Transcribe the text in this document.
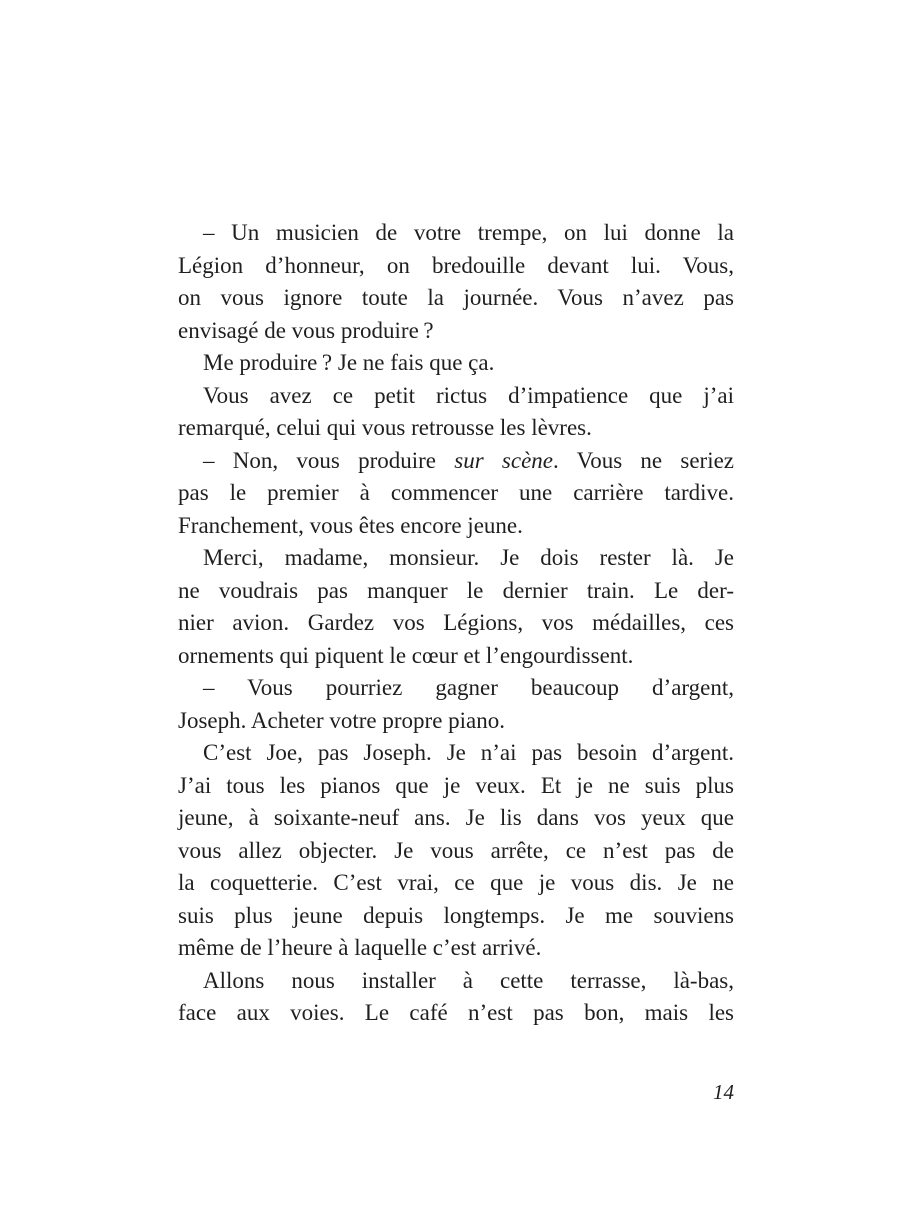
– Un musicien de votre trempe, on lui donne la
Légion d’honneur, on bredouille devant lui. Vous,
on vous ignore toute la journée. Vous n’avez pas
envisagé de vous produire ?
Me produire ? Je ne fais que ça.
Vous avez ce petit rictus d’impatience que j’ai
remarqué, celui qui vous retrousse les lèvres.
– Non, vous produire sur scène. Vous ne seriez
pas le premier à commencer une carrière tardive.
Franchement, vous êtes encore jeune.
Merci, madame, monsieur. Je dois rester là. Je
ne voudrais pas manquer le dernier train. Le der-
nier avion. Gardez vos Légions, vos médailles, ces
ornements qui piquent le cœur et l’engourdissent.
– Vous pourriez gagner beaucoup d’argent,
Joseph. Acheter votre propre piano.
C’est Joe, pas Joseph. Je n’ai pas besoin d’argent.
J’ai tous les pianos que je veux. Et je ne suis plus
jeune, à soixante-neuf ans. Je lis dans vos yeux que
vous allez objecter. Je vous arrête, ce n’est pas de
la coquetterie. C’est vrai, ce que je vous dis. Je ne
suis plus jeune depuis longtemps. Je me souviens
même de l’heure à laquelle c’est arrivé.
Allons nous installer à cette terrasse, là-bas,
face aux voies. Le café n’est pas bon, mais les
14
